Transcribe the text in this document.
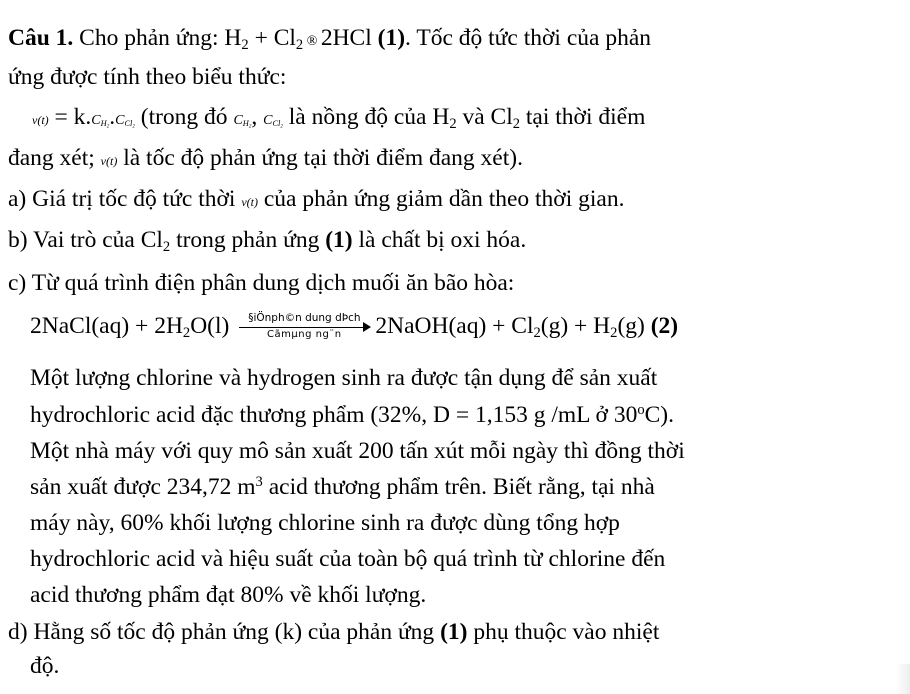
Câu 1. Cho phản ứng: $H_2 + Cl_2$ ® 2HCl (1). Tốc độ tức thời của phản
ứng được tính theo biểu thức:
v(t) = k.CH2.CCl2 (trong đó CH2, CCl2 là nồng độ của $H_2$ và $Cl_2$ tại thời điểm
đang xét; v(t) là tốc độ phản ứng tại thời điểm đang xét).
a) Giá trị tốc độ tức thời v(t) của phản ứng giảm dần theo thời gian.
b) Vai trò của $Cl_2$ trong phản ứng (1) là chất bị oxi hóa.
c) Từ quá trình điện phân dung dịch muối ăn bão hòa:
2NaCl(aq) + $2H_2O(l)$	§iÖnph©n dung dÞch
Cãmµng ng¨n	2NaOH(aq) + $Cl_2(g) + H_2(g)$ (2)
Một lượng chlorine và hydrogen sinh ra được tận dụng để sản xuất
hydrochloric acid đặc thương phẩm (32%, D = 1,153 g /mL ở 30$^o$C).
Một nhà máy với quy mô sản xuất 200 tấn xút mỗi ngày thì đồng thời
sản xuất được 234,72 $m^3$ acid thương phẩm trên. Biết rằng, tại nhà
máy này, 60% khối lượng chlorine sinh ra được dùng tổng hợp
hydrochloric acid và hiệu suất của toàn bộ quá trình từ chlorine đến
acid thương phẩm đạt 80% về khối lượng.
d) Hằng số tốc độ phản ứng (k) của phản ứng (1) phụ thuộc vào nhiệt
độ.
